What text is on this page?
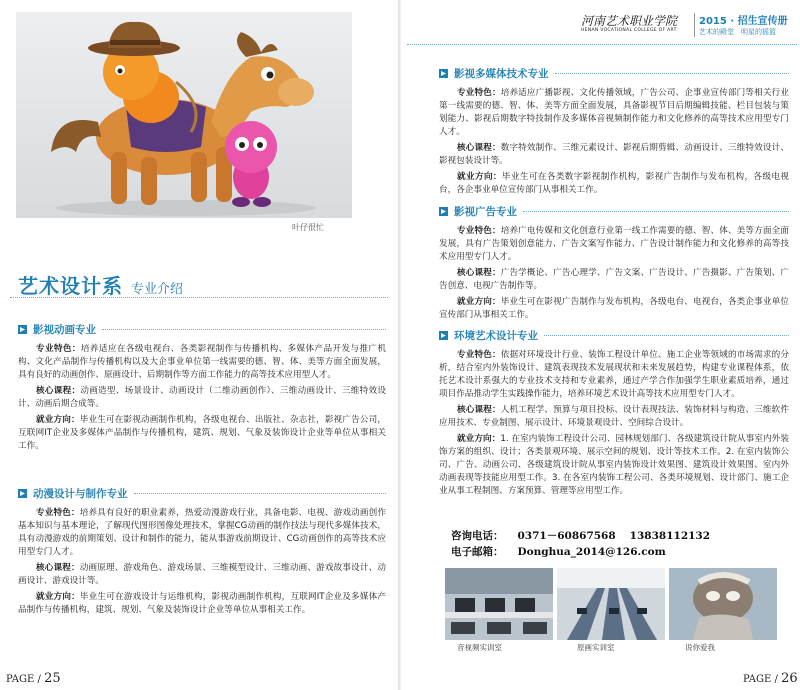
叶仔很忙
艺术设计系 专业介绍
影视动画专业

专业特色：培养适应在各级电视台、各类影视制作与传播机构、多媒体产品开发与推广机构、文化产品制作与传播机构以及大企事业单位第一线需要的德、智、体、美等方面全面发展，具有良好的动画创作、原画设计、后期制作等方面工作能力的高等技术应用型人才。

核心课程：动画造型、场景设计、动画设计（二维动画创作）、三维动画设计、三维特效设计、动画后期合成等。

就业方向：毕业生可在影视动画制作机构，各级电视台、出版社、杂志社，影视广告公司，互联网IT企业及多媒体产品制作与传播机构，建筑、规划、气象及装饰设计企业等单位从事相关工作。

动漫设计与制作专业

专业特色：培养具有良好的职业素养，热爱动漫游戏行业，具备电影、电视、游戏动画创作基本知识与基本理论，了解现代图形图像处理技术，掌握CG动画的制作技法与现代多媒体技术，具有动漫游戏的前期策划、设计和制作的能力，能从事游戏前期设计、CG动画创作的高等技术应用型专门人才。

核心课程：动画原理、游戏角色、游戏场景、三维模型设计、三维动画、游戏故事设计、动画设计、游戏设计等。

就业方向：毕业生可在游戏设计与运维机构，影视动画制作机构，互联网IT企业及多媒体产品制作与传播机构，建筑、规划、气象及装饰设计企业等单位从事相关工作。

PAGE / 25
河南艺术职业学院
HENAN VOCATIONAL COLLEGE OF ART
2015 · 招生宣传册
艺术的殿堂　明星的摇篮
影视多媒体技术专业

专业特色：培养适应广播影视、文化传播领域，广告公司、企事业宣传部门等相关行业第一线需要的德、智、体、美等方面全面发展，具备影视节目后期编辑技能、栏目包装与策划能力、影视后期数字特技制作及多媒体音视频制作能力和文化修养的高等技术应用型专门人才。

核心课程：数字特效制作、三维元素设计、影视后期剪辑、动画设计、三维特效设计、影视包装设计等。

就业方向：毕业生可在各类数字影视制作机构，影视广告制作与发布机构，各级电视台，各企事业单位宣传部门从事相关工作。

影视广告专业

专业特色：培养广电传媒和文化创意行业第一线工作需要的德、智、体、美等方面全面发展，具有广告策划创意能力、广告文案写作能力、广告设计制作能力和文化修养的高等技术应用型专门人才。

核心课程：广告学概论、广告心理学、广告文案、广告设计、广告摄影、广告策划、广告创意、电视广告制作等。

就业方向：毕业生可在影视广告制作与发布机构，各级电台、电视台，各类企事业单位宣传部门从事相关工作。

环境艺术设计专业

专业特色：依据对环境设计行业、装饰工程设计单位、施工企业等领域的市场需求的分析，结合室内外装饰设计、建筑表现技术发展现状和未来发展趋势，构建专业课程体系，依托艺术设计系强大的专业技术支持和专业素养，通过产学合作加强学生职业素质培养，通过项目作品推动学生实践操作能力，培养环境艺术设计高等技术应用型专门人才。

核心课程：人机工程学、预算与项目投标、设计表现技法、装饰材料与构造、三维软件应用技术、专业制图、展示设计、环境景观设计、空间综合设计。

就业方向：1. 在室内装饰工程设计公司、园林规划部门、各级建筑设计院从事室内外装饰方案的组织、设计；各类景观环境、展示空间的规划、设计等技术工作。2. 在室内装饰公司、广告、动画公司、各级建筑设计院从事室内装饰设计效果图、建筑设计效果图、室内外动画表现等技能应用型工作。3. 在各室内装饰工程公司、各类环境规划、设计部门、施工企业从事工程制图、方案预算、管理等应用型工作。

咨询电话： 0371－60867568 13838112132
电子邮箱： Donghua_2014@126.com
音视频实训室	原画实训室	说你爱我
PAGE / 26
